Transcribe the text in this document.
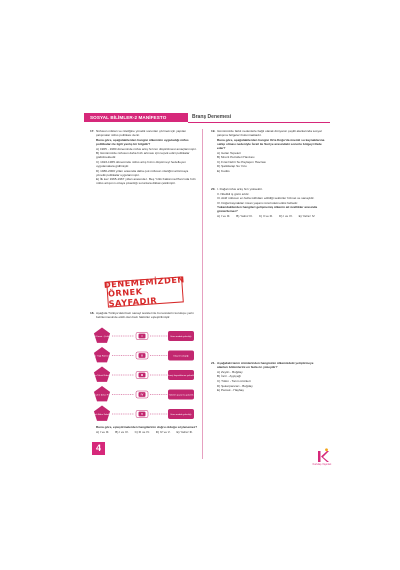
SOSYAL BİLİMLER-2 MANİFESTO	Branş Denemesi
17. Nüfusun miktarı ve niteliğine yönelik sorunları çözmek için yapılan çalışmalar nüfus politikası denir.

Buna göre, aşağıdakilerden hangisi ülkemizin uyguladığı nüfus politikaları ile ilgili yanlış bir bilgidir?

A) 1965 - 1980 döneminde nüfus artış hızının düşürülmesi amaçlanmıştır.
B) Günümüzde nüfusun daha hızlı artması için teşvik edici politikalar güdülmektedir.
C) 1923-1965 döneminde nüfus artış hızını düşürmeyi hedefleyen uygulamalara gidilmiştir.
D) 1980-2000 yılları arasında daha çok nüfusun niteliğini arttırmaya yönelik politikalar uygulanmıştır.
E) İlk kez 1965-1967 yılları arasında I. Beş Yıllık Kalkınma Planı'nda hızlı nüfus artışının ortaya çıkardığı sorunlara dikkat çekilmiştir.
18. Aşağıda Türkiye'deki bazı sanayi tesisleri ile bu tesislerin kuruluşu yerin belirlenmesinde etkili olan bazı faktörler eşleştirilmiştir.

Buna göre, eşleştirmelerden hangilerinin doğru olduğu söylenemez?

A) I ve III. B) I ve IV. C) III ve IV. D) IV ve V. E) Yalnız III.
DENEMEMİZDEN
ÖRNEK SAYFADIR
Ereğli Demir - Çelik Fab.	I	Ham madde yakınlığı
Bor Yağı Rafinerisi	II	Ulaşım kolaylığı
Bursa Tekstil Fabrikası	III	Enerji kaynaklarına yakınlık
Kırşehir Şeker Fab.	IV	Tüketim pazarına yakınlık
Çayeli Bakır Fabrikası	V	Ham madde yakınlığı
19. Günümüzde farklı nedenlerle bağlı olarak dünyanın çeşitli alanlarında sosyal çatışma bölgeleri bulunmaktadır.

Buna göre, aşağıdakilerden hangisi Orta Doğu'da önemli su kaynaklarına sahip olması nedeniyle İsrail ile Suriye arasındaki sorunlu bölgeyi ifade eder?

A) Golan Tepeleri
B) Mısırlı Petrolleri Havzası
C) Fırat Nehri Su Paylaşım Havzası
D) Şattülarap Su Yolu
E) Kudüs
20. I. Doğal nüfus artış hızı yüksektir.
II. Nitelikli iş gücü azdır.
III. Aktif nüfusun en fazla istihdam edildiği sektörler hizmet ve sanayidir.
IV. Doğal kaynakları insan yaşamı üzerindeki etkisi fazladır.

Yukarıdakilerden hangileri gelişmemiş ülkenin ait özellikler arasında gösterilemez?

A) I ve III. B) Yalnız III. C) II ve III. D) I ve IV. E) Yalnız IV.
21. Aşağıdaki tarım ürünlerinden hangisinin ülkemizdeki yetiştirmeye alanları bölümlerini en fazla ön yüzeydir?

A) Zeytin - Buğday
B) İncir - Ayçiçeği
C) Tütün - Tarım ürünleri
D) Şekerpancarı - Buğday
E) Pamuk - Haşhaş
4
Kurtuluş Yayınları
